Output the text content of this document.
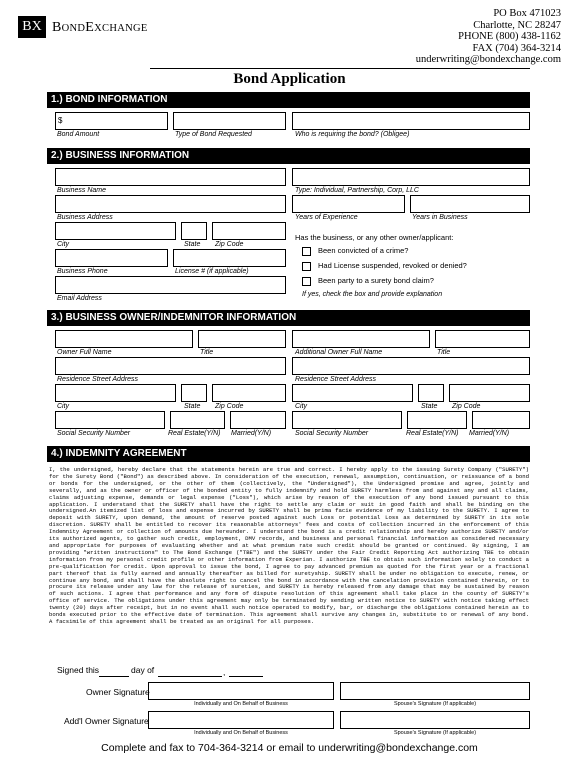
BX BONDEXCHANGE
PO Box 471023
Charlotte, NC 28247
PHONE (800) 438-1162
FAX (704) 364-3214
underwriting@bondexchange.com
Bond Application
1.) BOND INFORMATION
$
Bond Amount	Type of Bond Requested	Who is requiring the bond? (Obligee)
2.) BUSINESS INFORMATION
Business Name	Type: Individual, Partnership, Corp, LLC
Business Address	Years of Experience	Years in Business
City	State Zip Code
Business Phone	License # (if applicable)
Email Address
Has the business, or any other owner/applicant:
Been convicted of a crime?
Had License suspended, revoked or denied?
Been party to a surety bond claim?
If yes, check the box and provide explanation
3.) BUSINESS OWNER/INDEMNITOR INFORMATION
Owner Full Name	Title	Additional Owner Full Name	Title
Residence Street Address	Residence Street Address
City	State Zip Code	City	State Zip Code
Social Security Number	Real Estate(Y/N) Married(Y/N)	Social Security Number	Real Estate(Y/N) Married(Y/N)
4.) INDEMNITY AGREEMENT
I, the undersigned, hereby declare that the statements herein are true and correct. I hereby apply to the issuing Surety Company ("SURETY") for the Surety Bond ("Bond") as described above. In consideration of the execution, renewal, assumption, continuation, or reissuance of a bond or bonds for the undersigned, or the other of them (collectively, the "Undersigned"), the Undersigned promise and agree, jointly and severally, and as the owner or officer of the bonded entity to fully indemnify and hold SURETY harmless from and against any and all claims, claims adjusting expense, demands or legal expense ("Loss"), which arise by reason of the execution of any bond issued pursuant to this application. I understand that the SURETY shall have the right to settle any claim or suit in good faith and shall be binding on the undersigned.An itemized list of loss and expense incurred by SURETY shall be prima facie evidence of my liability to the SURETY. I agree to deposit with SURETY, upon demand, the amount of reserve posted against such Loss or potential Loss as determined by SURETY in its sole discretion. SURETY shall be entitled to recover its reasonable attorneys' fees and costs of collection incurred in the enforcement of this Indemnity Agreement or collection of amounts due hereunder. I understand the bond is a credit relationship and hereby authorize SURETY and/or its authorized agents, to gather such credit, employment, DMV records, and business and personal financial information as considered necessary and appropriate for purposes of evaluating whether and at what premium rate such credit should be granted or continued. By signing, I am providing "written instructions" to The Bond Exchange ("TBE") and the SURETY under the Fair Credit Reporting Act authorizing TBE to obtain information from my personal credit profile or other information from Experian. I authorize TBE to obtain such information solely to conduct a pre-qualification for credit. Upon approval to issue the bond, I agree to pay advanced premium as quoted for the first year or a fractional part thereof that is fully earned and annually thereafter as billed for suretyship. SURETY shall be under no obligation to execute, renew, or continue any bond, and shall have the absolute right to cancel the bond in accordance with the cancelation provision contained therein, or to procure its release under any law for the release of sureties, and SURETY is hereby released from any damage that may be sustained by reason of such actions. I agree that performance and any form of dispute resolution of this agreement shall take place in the county of SURETY's office of service. The obligations under this agreement may only be terminated by sending written notice to SURETY with notice taking effect twenty (20) days after receipt, but in no event shall such notice operated to modify, bar, or discharge the obligations contained herein as to bonds executed prior to the effective date of termination. This agreement shall survive any changes in, substitute to or renewal of any bond. A facsimile of this agreement shall be treated as an original for all purposes.
Signed this	day of	,
Owner Signature
Individually and On Behalf of Business	Spouse's Signature (If applicable)
Add'l Owner Signature
Individually and On Behalf of Business	Spouse's Signature (If applicable)
Complete and fax to 704-364-3214 or email to underwriting@bondexchange.com
